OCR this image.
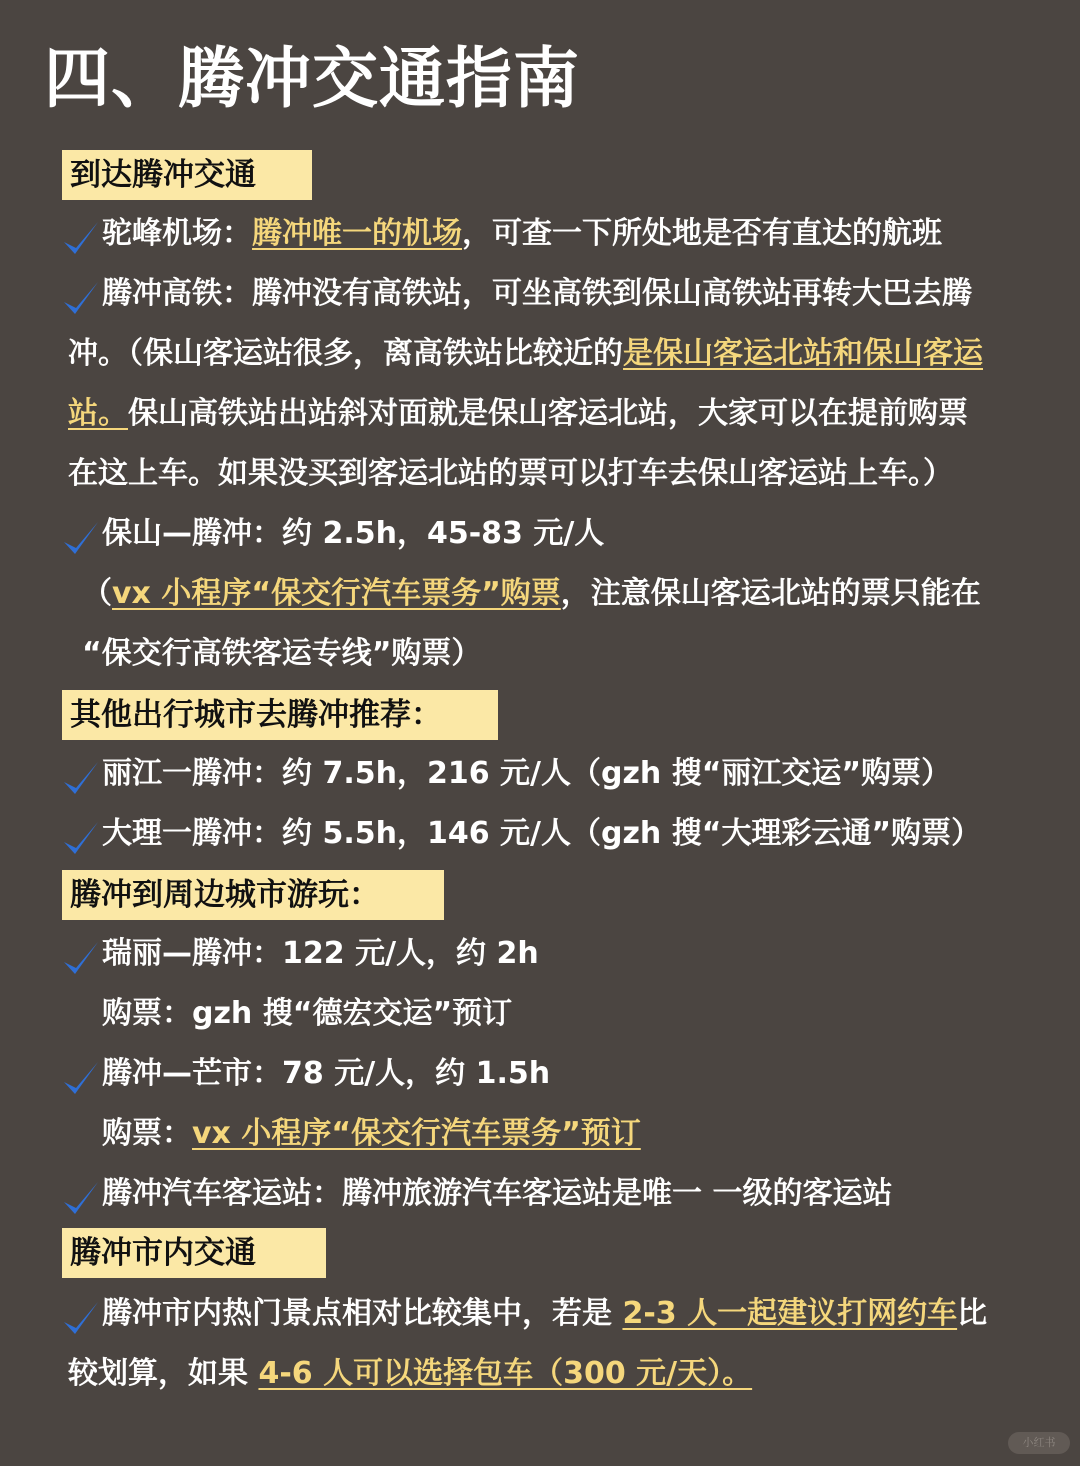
四、腾冲交通指南
到达腾冲交通
驼峰机场：腾冲唯一的机场，可查一下所处地是否有直达的航班
腾冲高铁：腾冲没有高铁站，可坐高铁到保山高铁站再转大巴去腾
冲。（保山客运站很多，离高铁站比较近的是保山客运北站和保山客运
站。保山高铁站出站斜对面就是保山客运北站，大家可以在提前购票
在这上车。如果没买到客运北站的票可以打车去保山客运站上车。）
保山—腾冲：约 2.5h，45-83 元/人
（vx 小程序“保交行汽车票务”购票，注意保山客运北站的票只能在
“保交行高铁客运专线”购票）
其他出行城市去腾冲推荐：
丽江一腾冲：约 7.5h，216 元/人（gzh 搜“丽江交运”购票）
大理一腾冲：约 5.5h，146 元/人（gzh 搜“大理彩云通”购票）
腾冲到周边城市游玩：
瑞丽—腾冲：122 元/人，约 2h
购票：gzh 搜“德宏交运”预订
腾冲—芒市：78 元/人，约 1.5h
购票：vx 小程序“保交行汽车票务”预订
腾冲汽车客运站：腾冲旅游汽车客运站是唯一 一级的客运站
腾冲市内交通
腾冲市内热门景点相对比较集中，若是 2-3 人一起建议打网约车比
较划算，如果 4-6 人可以选择包车（300 元/天）。
小红书
